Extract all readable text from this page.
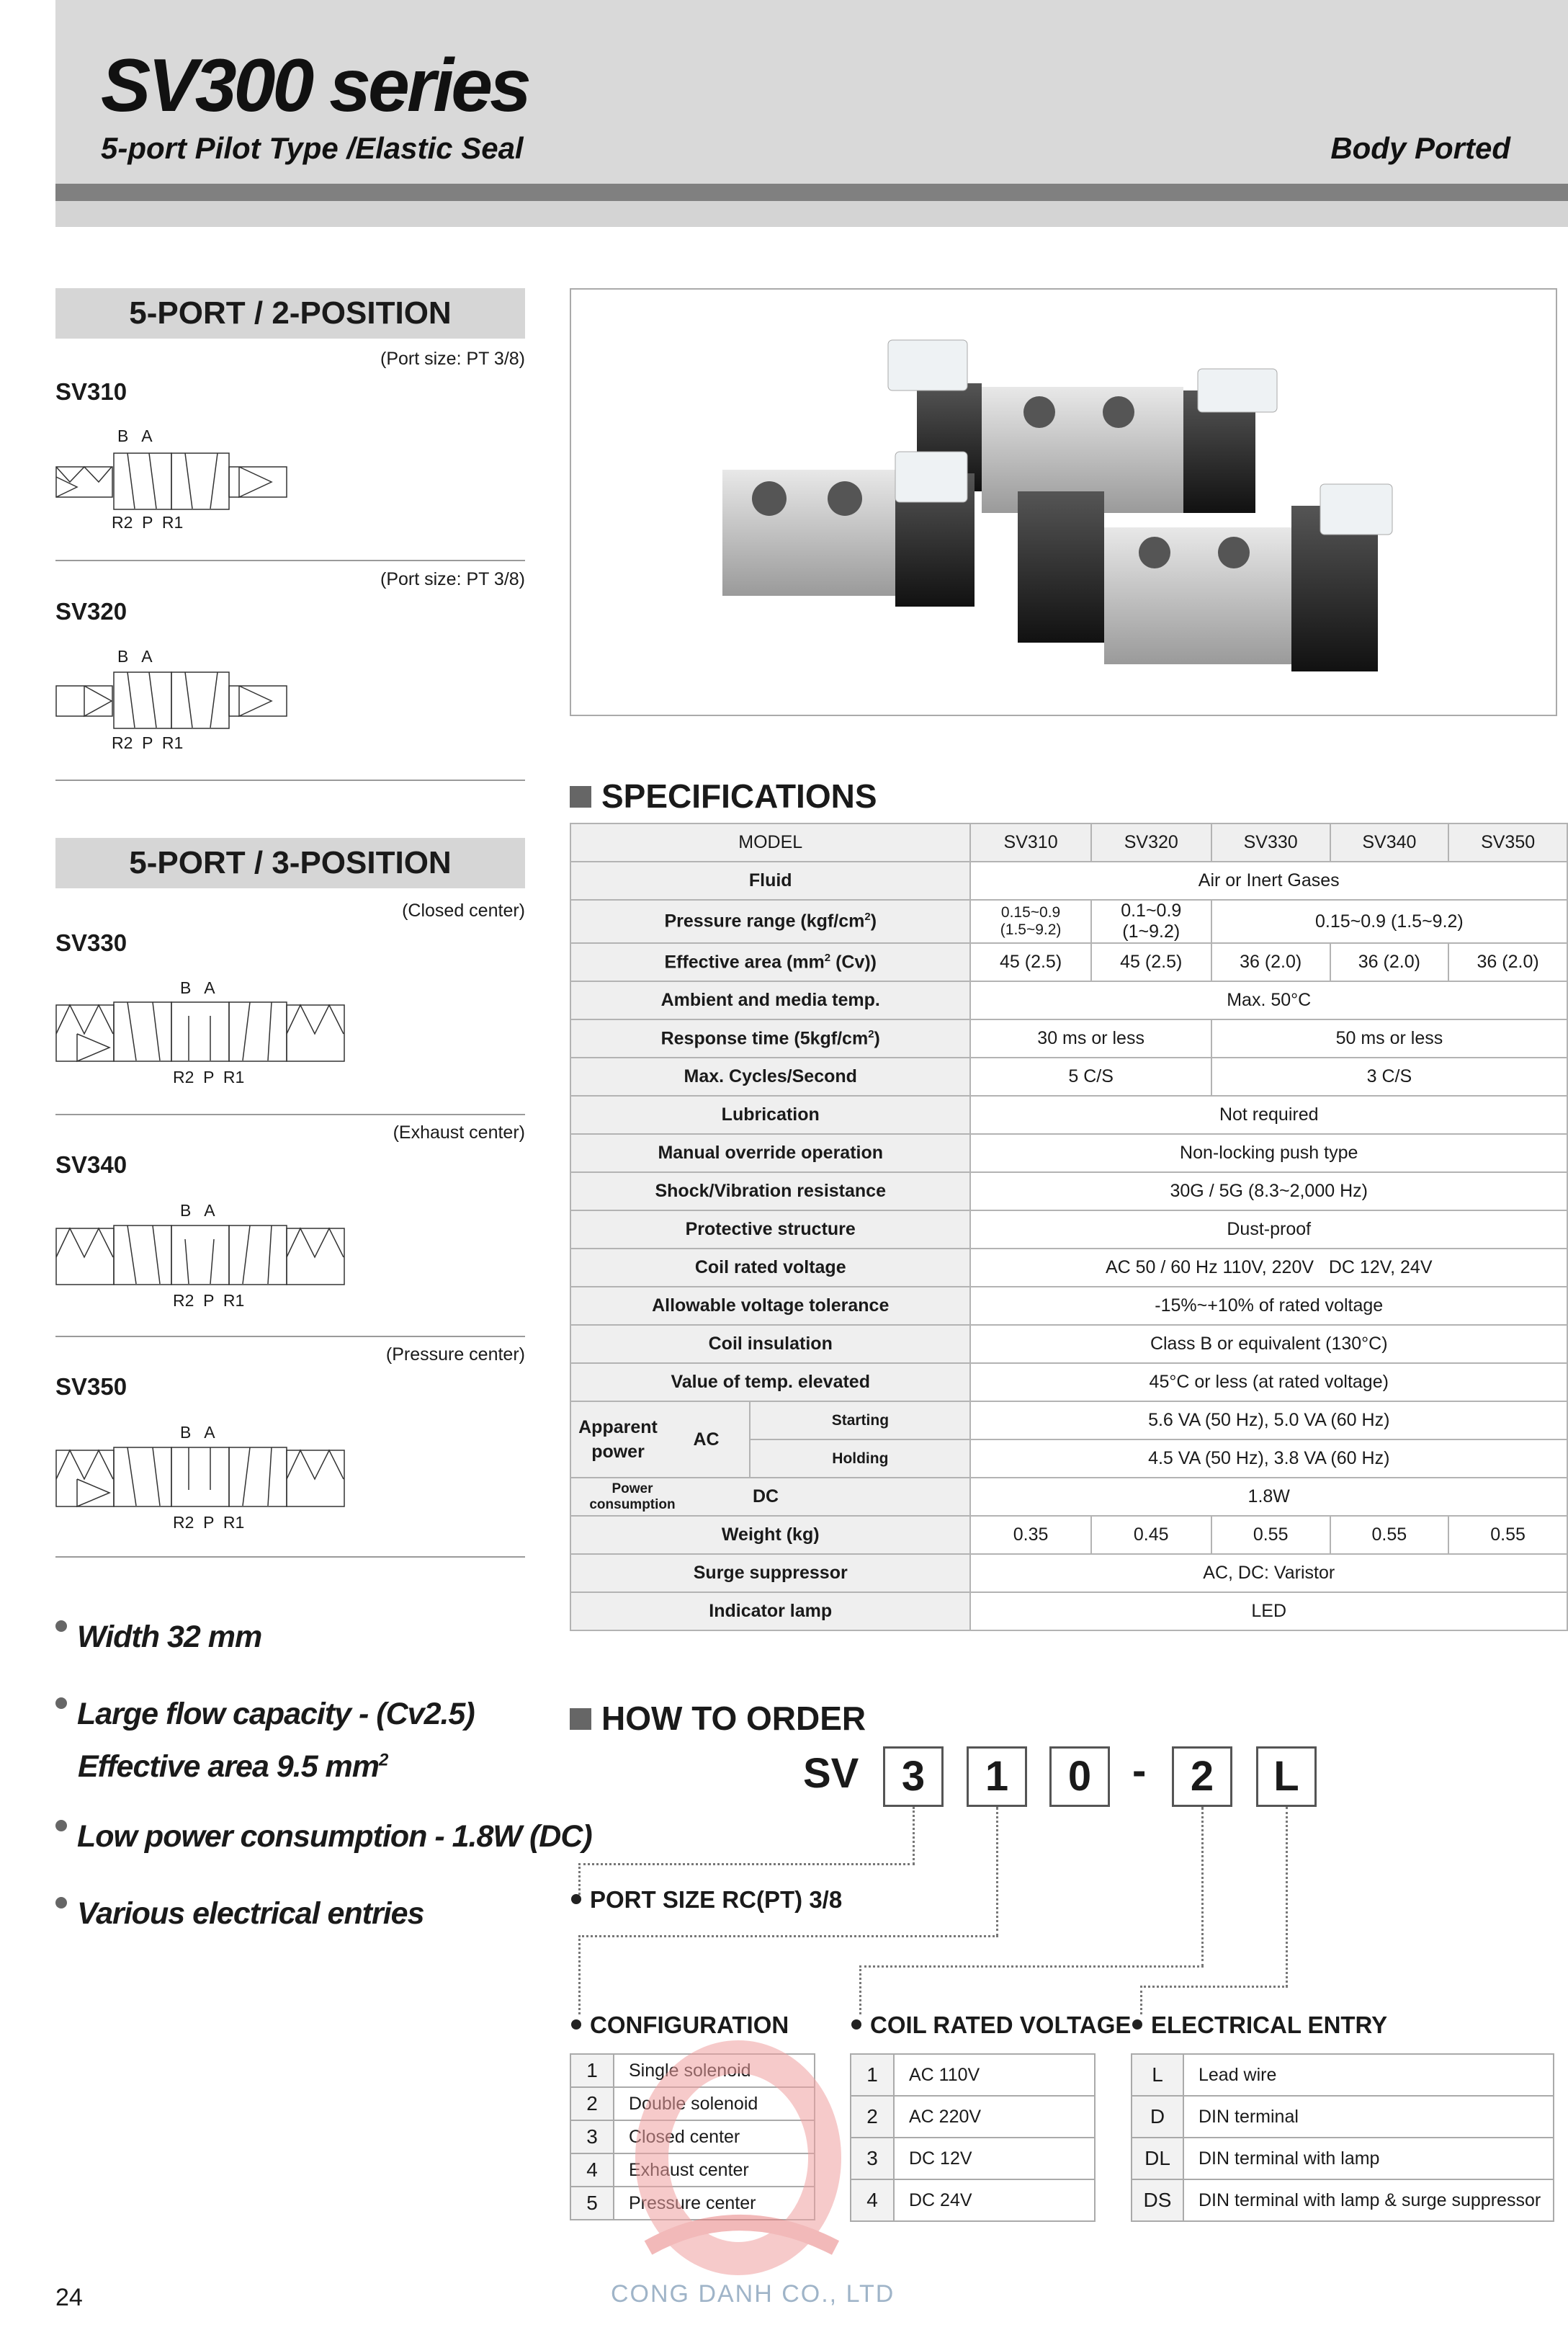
SV300 series
5-port Pilot Type /Elastic Seal	Body Ported
5-PORT / 2-POSITION
(Port size: PT 3/8)
SV310
B   A
R2  P  R1
(Port size: PT 3/8)
SV320
B   A
R2  P  R1
5-PORT / 3-POSITION
(Closed center)
SV330
B   A
R2  P  R1
(Exhaust center)
SV340
B   A
R2  P  R1
(Pressure center)
SV350
B   A
R2  P  R1
Width 32 mm
Large flow capacity - (Cv2.5)
Effective area 9.5 $mm^2$
Low power consumption - 1.8W (DC)
Various electrical entries
SPECIFICATIONS
MODEL		SV310	SV320	SV330	SV340	SV350
Fluid		Air or Inert Gases				
Pressure range $(kgf/cm^2)$		0.15~0.9 (1.5~9.2)	0.1~0.9 (1~9.2)	0.15~0.9 (1.5~9.2)		
Effective area ($mm^2$ (Cv))		45 (2.5)	45 (2.5)	36 (2.0)	36 (2.0)	36 (2.0)
Ambient and media temp.		Max. 50°C				
Response time $(5kgf/cm^2)$		30 ms or less		50 ms or less		
Max. Cycles/Second		5 C/S		3 C/S		
Lubrication		Not required				
Manual override operation		Non-locking push type				
Shock/Vibration resistance		30G / 5G (8.3~2,000 Hz)				
Protective structure		Dust-proof				
Coil rated voltage		AC 50 / 60 Hz 110V, 220V   DC 12V, 24V				
Allowable voltage tolerance		-15%~+10% of rated voltage				
Coil insulation		Class B or equivalent (130°C)				
Value of temp. elevated		45°C or less (at rated voltage)				

Apparent power
AC	Starting	5.6 VA (50 Hz), 5.0 VA (60 Hz)				
	Holding	4.5 VA (50 Hz), 3.8 VA (60 Hz)				

Power consumption DC		1.8W				
Weight (kg)		0.35	0.45	0.55	0.55	0.55
Surge suppressor		AC, DC: Varistor				
Indicator lamp		LED				
HOW TO ORDER
SV	3	1	0 -	2	L
PORT SIZE RC(PT) 3/8
CONFIGURATION
1	Single solenoid
2	Double solenoid
3	Closed center
4	Exhaust center
5	Pressure center
COIL RATED VOLTAGE
1	AC 110V
2	AC 220V
3	DC 12V
4	DC 24V
ELECTRICAL ENTRY
L	Lead wire
D	DIN terminal
DL	DIN terminal with lamp
DS	DIN terminal with lamp & surge suppressor
CONG DANH CO., LTD
24
